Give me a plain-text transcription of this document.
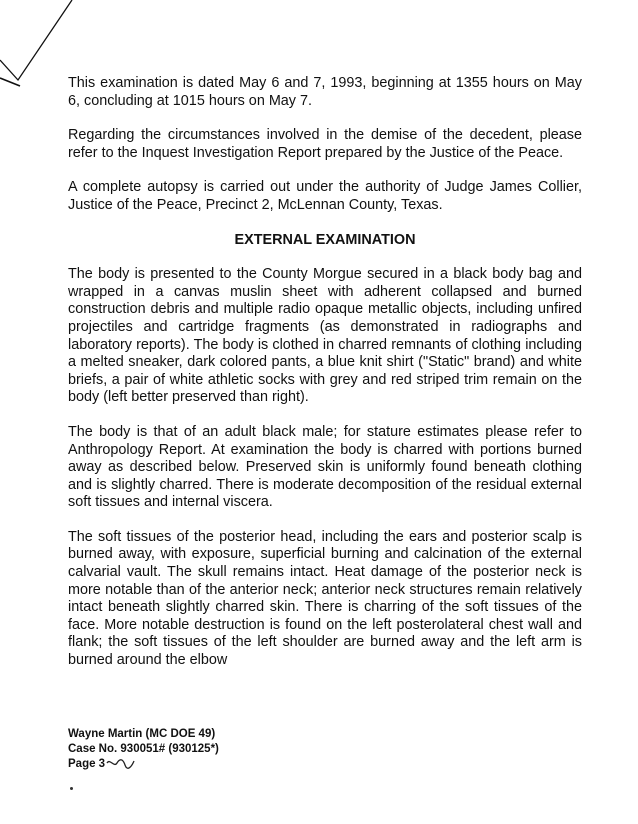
This examination is dated May 6 and 7, 1993, beginning at 1355 hours on May 6, concluding at 1015 hours on May 7.

Regarding the circumstances involved in the demise of the decedent, please refer to the Inquest Investigation Report prepared by the Justice of the Peace.

A complete autopsy is carried out under the authority of Judge James Collier, Justice of the Peace, Precinct 2, McLennan County, Texas.

EXTERNAL EXAMINATION

The body is presented to the County Morgue secured in a black body bag and wrapped in a canvas muslin sheet with adherent collapsed and burned construction debris and multiple radio opaque metallic objects, including unfired projectiles and cartridge fragments (as demonstrated in radiographs and laboratory reports). The body is clothed in charred remnants of clothing including a melted sneaker, dark colored pants, a blue knit shirt ("Static" brand) and white briefs, a pair of white athletic socks with grey and red striped trim remain on the body (left better preserved than right).

The body is that of an adult black male; for stature estimates please refer to Anthropology Report. At examination the body is charred with portions burned away as described below. Preserved skin is uniformly found beneath clothing and is slightly charred. There is moderate decomposition of the residual external soft tissues and internal viscera.

The soft tissues of the posterior head, including the ears and posterior scalp is burned away, with exposure, superficial burning and calcination of the external calvarial vault. The skull remains intact. Heat damage of the posterior neck is more notable than of the anterior neck; anterior neck structures remain relatively intact beneath slightly charred skin. There is charring of the soft tissues of the face. More notable destruction is found on the left posterolateral chest wall and flank; the soft tissues of the left shoulder are burned away and the left arm is burned around the elbow

Wayne Martin (MC DOE 49)
Case No. 930051# (930125*)
Page 3
